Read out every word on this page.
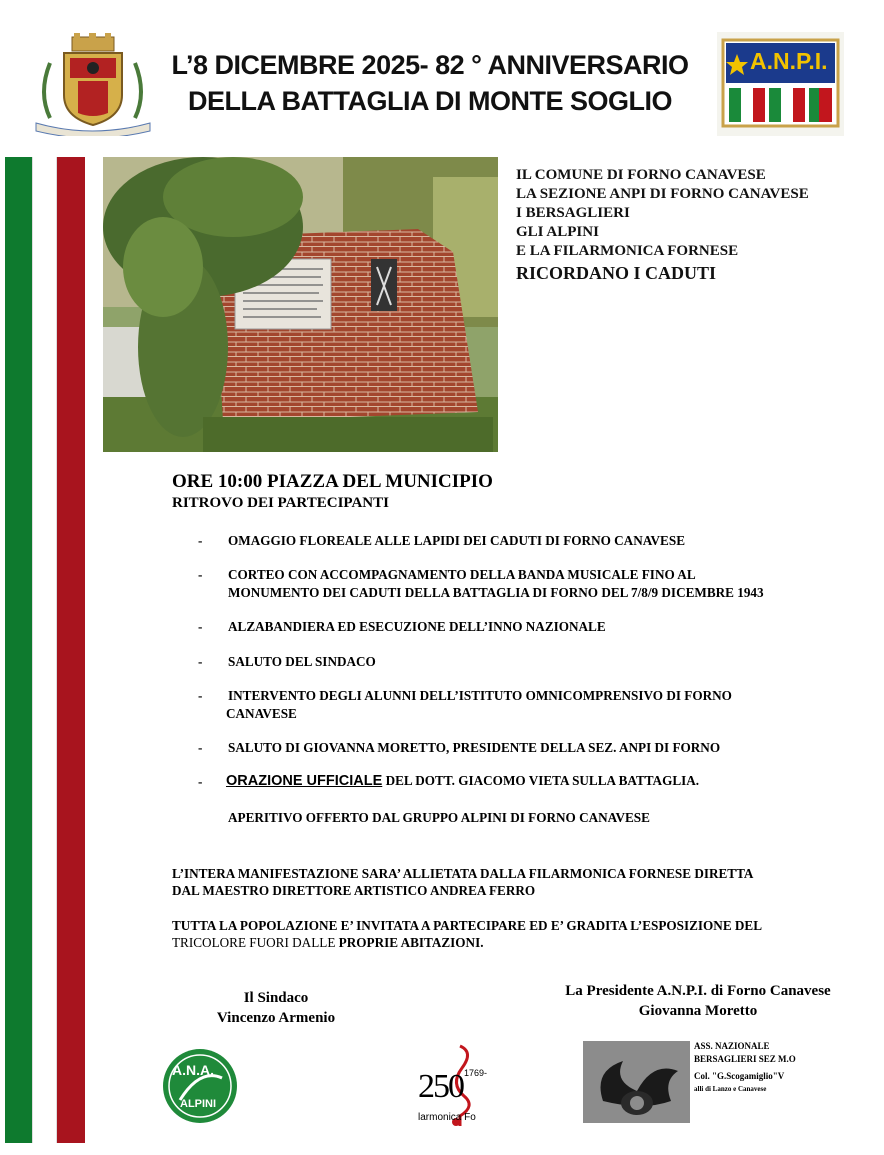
L’8 DICEMBRE 2025- 82 ° ANNIVERSARIO
DELLA BATTAGLIA DI MONTE SOGLIO
A.N.P.I.
IL COMUNE DI FORNO CANAVESE
LA SEZIONE ANPI DI FORNO CANAVESE
I BERSAGLIERI
GLI ALPINI
E LA FILARMONICA FORNESE
RICORDANO I CADUTI
ORE 10:00 PIAZZA DEL MUNICIPIO
RITROVO DEI PARTECIPANTI
- OMAGGIO FLOREALE ALLE LAPIDI DEI CADUTI DI FORNO CANAVESE
- CORTEO CON ACCOMPAGNAMENTO DELLA BANDA MUSICALE FINO AL
MONUMENTO DEI CADUTI DELLA BATTAGLIA DI FORNO DEL 7/8/9 DICEMBRE 1943
- ALZABANDIERA ED ESECUZIONE DELL’INNO NAZIONALE
- SALUTO DEL SINDACO
- INTERVENTO DEGLI ALUNNI DELL’ISTITUTO OMNICOMPRENSIVO DI FORNO
CANAVESE
- SALUTO DI GIOVANNA MORETTO, PRESIDENTE DELLA SEZ. ANPI DI FORNO
- ORAZIONE UFFICIALE DEL DOTT. GIACOMO VIETA SULLA BATTAGLIA.
APERITIVO OFFERTO DAL GRUPPO ALPINI DI FORNO CANAVESE
L’INTERA MANIFESTAZIONE SARA’ ALLIETATA DALLA FILARMONICA FORNESE DIRETTA
DAL MAESTRO DIRETTORE ARTISTICO ANDREA FERRO
TUTTA LA POPOLAZIONE E’ INVITATA A PARTECIPARE ED E’ GRADITA L’ESPOSIZIONE DEL
TRICOLORE FUORI DALLE PROPRIE ABITAZIONI.
Il Sindaco
Vincenzo Armenio
La Presidente A.N.P.I. di Forno Canavese
Giovanna Moretto
A.N.A.
ALPINI	250 1769-
larmonica Fo
ASS. NAZIONALE
BERSAGLIERI SEZ M.O
Col. "G.Scogamiglio"V
alli di Lanzo e Canavese
